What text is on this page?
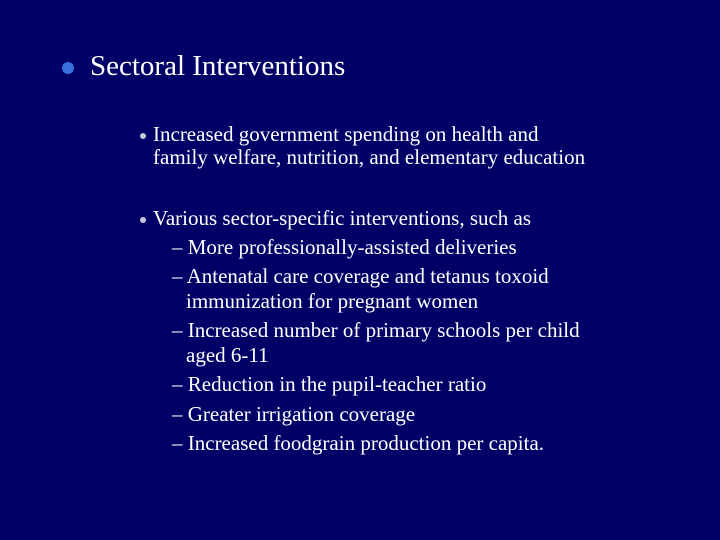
Sectoral Interventions
Increased government spending on health and
family welfare, nutrition, and elementary education
Various sector-specific interventions, such as
– More professionally-assisted deliveries
– Antenatal care coverage and tetanus toxoid
immunization for pregnant women
– Increased number of primary schools per child
aged 6-11
– Reduction in the pupil-teacher ratio
– Greater irrigation coverage
– Increased foodgrain production per capita.
